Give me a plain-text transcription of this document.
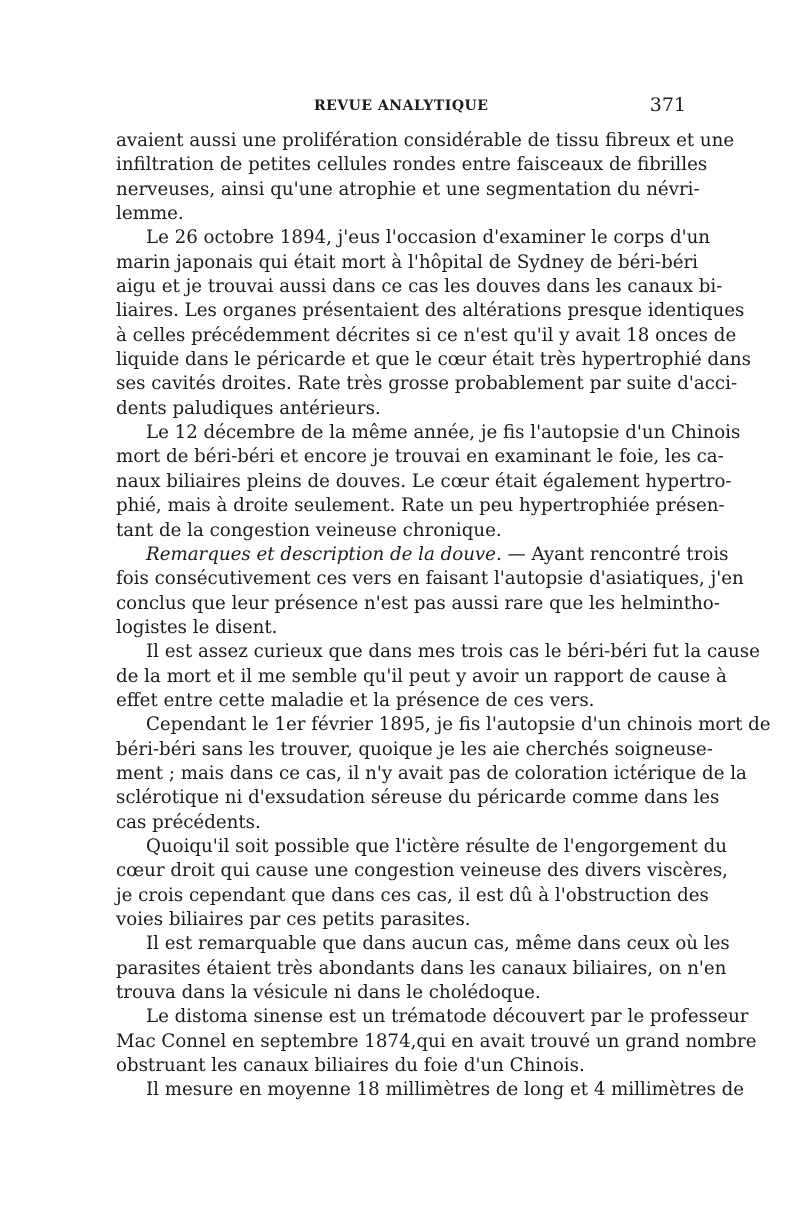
REVUE ANALYTIQUE	371
avaient aussi une prolifération considérable de tissu fibreux et une
infiltration de petites cellules rondes entre faisceaux de fibrilles
nerveuses, ainsi qu'une atrophie et une segmentation du névri-
lemme.
Le 26 octobre 1894, j'eus l'occasion d'examiner le corps d'un
marin japonais qui était mort à l'hôpital de Sydney de béri-béri
aigu et je trouvai aussi dans ce cas les douves dans les canaux bi-
liaires. Les organes présentaient des altérations presque identiques
à celles précédemment décrites si ce n'est qu'il y avait 18 onces de
liquide dans le péricarde et que le cœur était très hypertrophié dans
ses cavités droites. Rate très grosse probablement par suite d'acci-
dents paludiques antérieurs.
Le 12 décembre de la même année, je fis l'autopsie d'un Chinois
mort de béri-béri et encore je trouvai en examinant le foie, les ca-
naux biliaires pleins de douves. Le cœur était également hypertro-
phié, mais à droite seulement. Rate un peu hypertrophiée présen-
tant de la congestion veineuse chronique.
Remarques et description de la douve. — Ayant rencontré trois
fois consécutivement ces vers en faisant l'autopsie d'asiatiques, j'en
conclus que leur présence n'est pas aussi rare que les helmintho-
logistes le disent.
Il est assez curieux que dans mes trois cas le béri-béri fut la cause
de la mort et il me semble qu'il peut y avoir un rapport de cause à
effet entre cette maladie et la présence de ces vers.
Cependant le 1er février 1895, je fis l'autopsie d'un chinois mort de
béri-béri sans les trouver, quoique je les aie cherchés soigneuse-
ment ; mais dans ce cas, il n'y avait pas de coloration ictérique de la
sclérotique ni d'exsudation séreuse du péricarde comme dans les
cas précédents.
Quoiqu'il soit possible que l'ictère résulte de l'engorgement du
cœur droit qui cause une congestion veineuse des divers viscères,
je crois cependant que dans ces cas, il est dû à l'obstruction des
voies biliaires par ces petits parasites.
Il est remarquable que dans aucun cas, même dans ceux où les
parasites étaient très abondants dans les canaux biliaires, on n'en
trouva dans la vésicule ni dans le cholédoque.
Le distoma sinense est un trématode découvert par le professeur
Mac Connel en septembre 1874,qui en avait trouvé un grand nombre
obstruant les canaux biliaires du foie d'un Chinois.
Il mesure en moyenne 18 millimètres de long et 4 millimètres de
